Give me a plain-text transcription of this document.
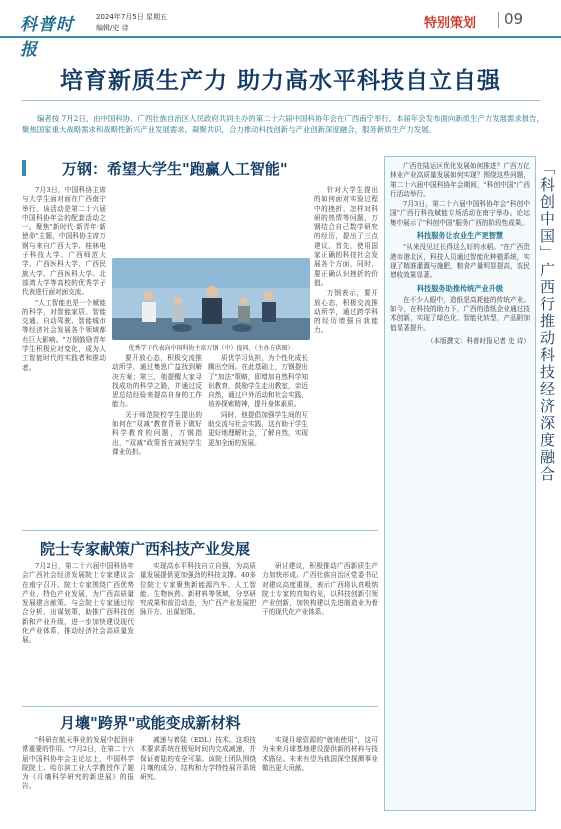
科普时报
2024年7月5日 星期五
编辑/史 诗	特别策划 09
培育新质生产力 助力高水平科技自立自强
编者按 7月2日，由中国科协、广西壮族自治区人民政府共同主办的第二十六届中国科协年会在广西南宁举行。本届年会发布面向新质生产力发展需求报告，聚焦国家重大战略需求和战略性新兴产业发展需求，凝聚共识，合力推动科技创新与产业创新深度融合，服务新质生产力发展。
万钢：希望大学生"跑赢人工智能"

7月3日，中国科协主席与大学生面对面在广西南宁举行，该活动是第二十六届中国科协年会的配套活动之一。聚焦"新时代·新青年·新使命"主题，中国科协主席万钢与来自广西大学、桂林电子科技大学、广西师范大学、广西医科大学、广西民族大学、广西医科大学、北部湾大学等高校的优秀学子代表进行面对面交流。

"人工智能也是一个赋能的科学，对智能家居、智能交通、自动驾驶、智能城市等经济社会发展各个领域都有巨大影响。"万钢鼓励青年学生积极应对变化，成为人工智能时代的实践者和推动者。

优秀学子代表向中国科协主席万钢（中）提问。（主办方供图）

要开放心态，积极交流推动所学，通过集思广益找到解决方案；第三，他提醒大家寻找成功的科学之路，并通过反思总结经验来提高自身的工作能力。

关于师范院校学生提出的如何在"双减"教育背景下做好科学教育的问题，万钢指出，"双减"政策旨在减轻学生课业负担。

质优学习负担，为个性化成长腾出空间。在此基础上，万钢提出了"加法"策略，即增加自然科学知识教育，鼓励学生走出教室，亲近自然，通过户外活动和社会实践，培养探索精神，提升身体素质。

同时，他提倡加强学生间的互助交流与社会实践，这有助于学生更好地理解社会，了解自然，实现更加全面的发展。

针对大学生提出的如何面对实验过程中的挫折、怎样对科研的热情等问题，万钢结合自己数学研究的经历，提出了三点建议，首先，使用国家正确的科技社会发展各个方面，同时，要正确认识挫折的价值。

万钢表示，要开放心态，积极交流推动所学，通过跨学科的经历增强自我能力。

院士专家献策广西科技产业发展

7月2日，第二十六届中国科协年会广西社会经济发展院士专家建议会在南宁召开。院士专家围绕广西优势产业、特色产业发展，为广西高质量发展建言献策。与会院士专家通过综合分析、出谋划策，助推广西科技创新和产业升级，进一步加快建设现代化产业体系，推动经济社会高质量发展。

实现高水平科技自立自强，为高质量发展提供更加强劲的科技支撑。40多位院士专家聚焦新能源汽车、人工智能、生物医药、新材料等领域，分享研究成果和前沿动态，为广西产业发展把脉开方、出谋划策。

研讨建议，积极推动广西新质生产力加快形成。广西壮族自治区党委书记对建议高度重视，表示广西将认真吸纳院士专家的真知灼见，以科技创新引领产业创新，加快构建以先进制造业为骨干的现代化产业体系。

月壤"跨界"或能变成新材料

"科研在航天事业的发展中起到非常重要的作用。"7月2日，在第二十六届中国科协年会主论坛上，中国科学院院士、哈尔滨工业大学教授作了题为《月壤科学研究的新进展》的报告。

减速与着陆（EDL）技术。这项技术要求系统在极短时间内完成减速，并保证着陆的安全可靠。该院士团队围绕月壤的成分、结构和力学特性展开系统研究。

实现月球资源的"就地使用"，这可为未来月球基地建设提供新的材料与技术路径。未来有望为我国深空探测事业做出更大贡献。

广西在陆运区优化发展如何推进？广西万亿林业产业高质量发展如何实现？围绕这些问题，第二十六届中国科协年会期间，"科创中国"广西行活动举行。

7月3日，第二十六届中国科协年会"科创中国"广西行科技赋能专场活动在南宁举办。论坛集中展示了"科创中国"服务广西的阶段性成果。

科技服务让农业生产更智慧

"从来没见过长得这么好的水稻。"在广西贵港市港北区，科技人员通过智能化种植系统，实现了精准灌溉与施肥，粮食产量明显提高，农民增收效果显著。

科技服务助推传统产业升级

在不少人眼中，造纸是高耗能的传统产业。如今，在科技的助力下，广西的造纸企业通过技术创新，实现了绿色化、智能化转型，产品附加值显著提升。

（本版撰文：科普时报记者 史 诗） 「科创中国」广西行推动科技经济深度融合
